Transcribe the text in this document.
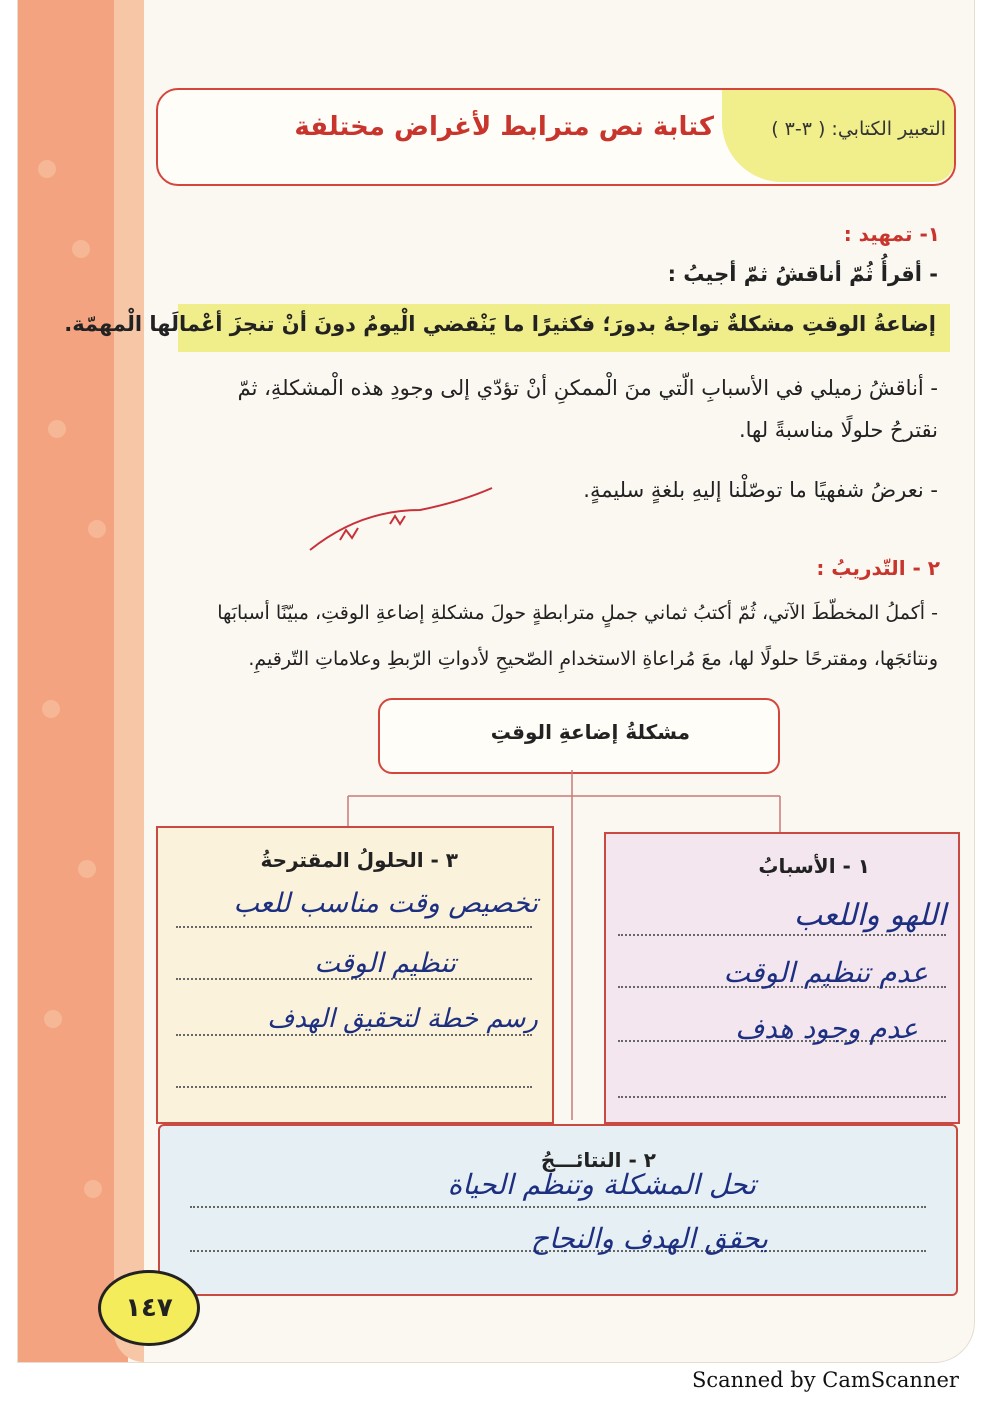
التعبير الكتابي: ( ٣-٣ )
كتابة نص مترابط لأغراض مختلفة
١- تمهيد :
- أقرأُ ثُمّ أناقشُ ثمّ أجيبُ :
إضاعةُ الوقتِ مشكلةٌ تواجهُ بدورَ؛ فكثيرًا ما يَنْقضي الْيومُ دونَ أنْ تنجزَ أعْمالَها الْمهمّة.
- أناقشُ زميلي في الأسبابِ الّتي منَ الْممكنِ أنْ تؤدّي إلى وجودِ هذه الْمشكلةِ، ثمّ
نقترحُ حلولًا مناسبةً لها.
- نعرضُ شفهيًا ما توصّلْنا إليهِ بلغةٍ سليمةٍ.
٢ - التّدريبُ :
- أكملُ المخطّطَ الآتي، ثُمّ أكتبُ ثماني جملٍ مترابطةٍ حولَ مشكلةِ إضاعةِ الوقتِ، مبيّنًا أسبابَها
ونتائجَها، ومقترحًا حلولًا لها، معَ مُراعاةِ الاستخدامِ الصّحيحِ لأدواتِ الرّبطِ وعلاماتِ التّرقيمِ.
مشكلةُ إضاعةِ الوقتِ
١ - الأسبابُ
اللهو واللعب
عدم تنظيم الوقت
عدم وجود هدف
٣ - الحلولُ المقترحةُ
تخصيص وقت مناسب للعب
تنظيم الوقت
رسم خطة لتحقيق الهدف
٢ - النتائـــجُ
تحل المشكلة وتنظم الحياة
يحقق الهدف والنجاح
١٤٧
Scanned by CamScanner
